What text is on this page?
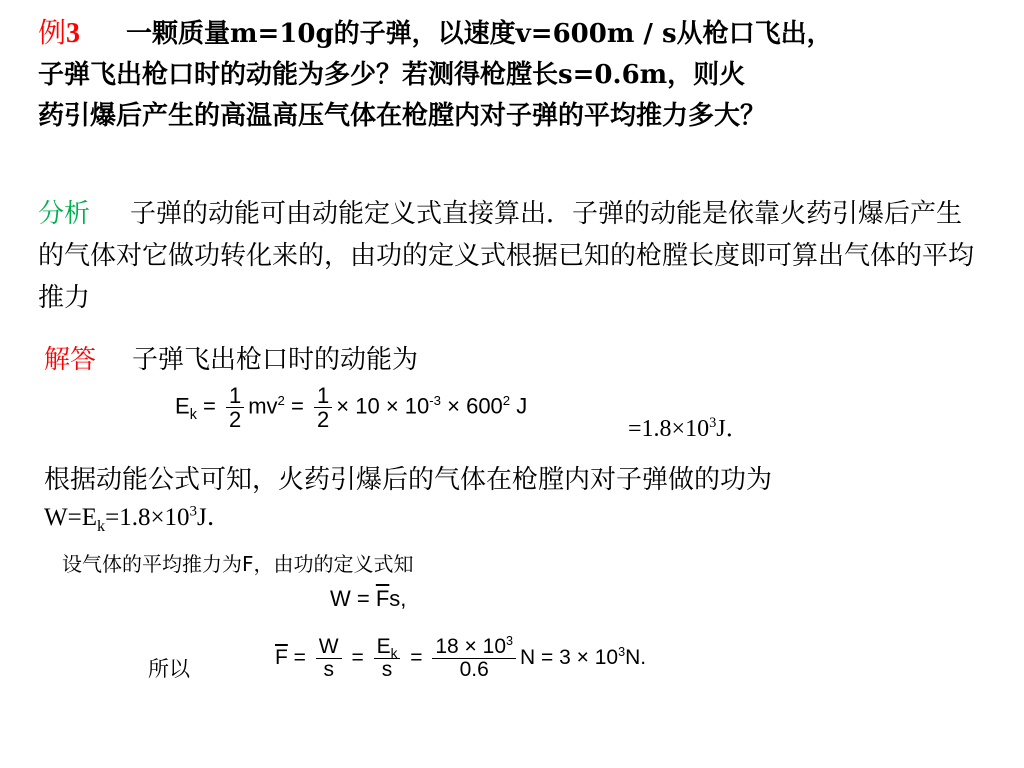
例3 一颗质量m=10g的子弹，以速度v=600m / s从枪口飞出，
子弹飞出枪口时的动能为多少？若测得枪膛长s=0.6m，则火
药引爆后产生的高温高压气体在枪膛内对子弹的平均推力多大？
分析 子弹的动能可由动能定义式直接算出．子弹的动能是依靠火药引爆后产生的气体对它做功转化来的，由功的定义式根据已知的枪膛长度即可算出气体的平均推力
解答 子弹飞出枪口时的动能为
$E_k = \frac{1}{2} mv^2 = \frac{1}{2} \times 10 \times 10^{-3} \times 600^2$ J
$=1.8\times 10^3J$．
根据动能公式可知，火药引爆后的气体在枪膛内对子弹做的功为
$W=E_k=1.8\times 10^3J$．
设气体的平均推力为F，由功的定义式知
$W = \overline{F}s$,
所以	$\overline{F} = \frac{W}{s} = \frac{E_k}{s} = \frac{18 \times 10^3}{0.6}$ $N = 3 \times 10^3N$.
